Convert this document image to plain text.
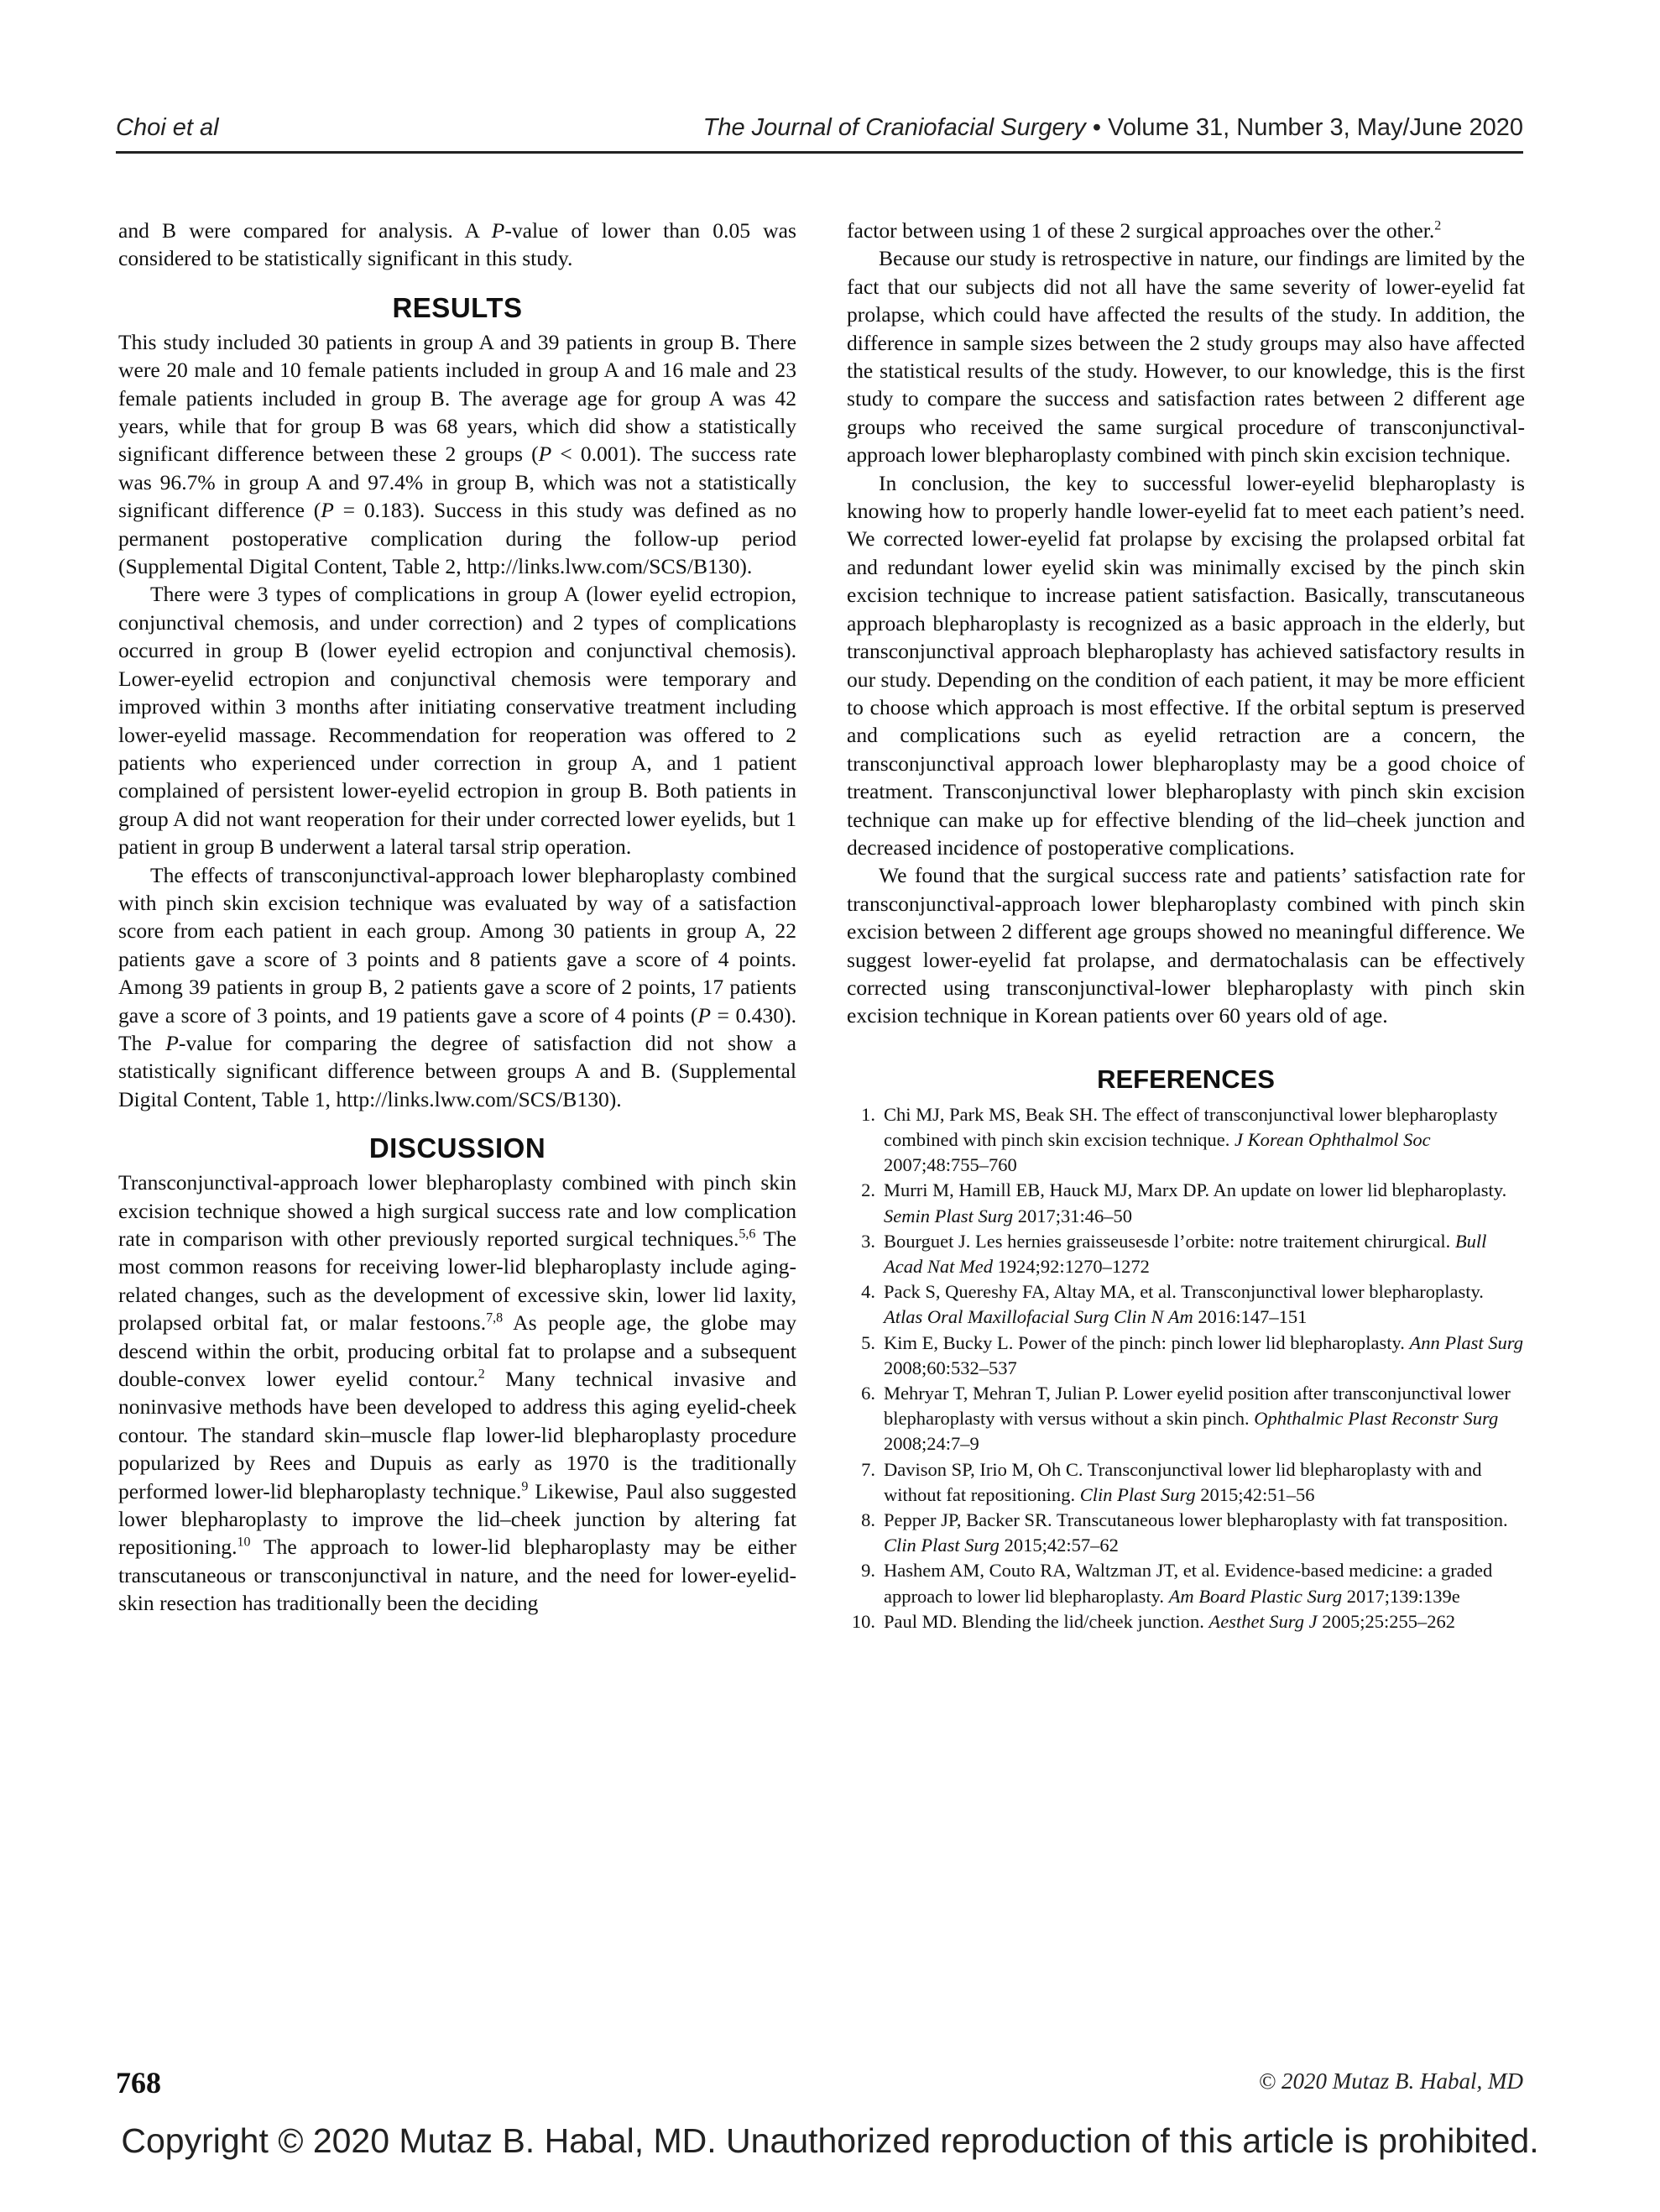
Choi et al	The Journal of Craniofacial Surgery • Volume 31, Number 3, May/June 2020

and B were compared for analysis. A P-value of lower than 0.05 was considered to be statistically significant in this study.

RESULTS

This study included 30 patients in group A and 39 patients in group B. There were 20 male and 10 female patients included in group A and 16 male and 23 female patients included in group B. The average age for group A was 42 years, while that for group B was 68 years, which did show a statistically significant difference between these 2 groups (P < 0.001). The success rate was 96.7% in group A and 97.4% in group B, which was not a statistically significant difference (P = 0.183). Success in this study was defined as no permanent postoperative complication during the follow-up period (Supplemental Digital Content, Table 2, http://links.lww.com/SCS/B130).

There were 3 types of complications in group A (lower eyelid ectropion, conjunctival chemosis, and under correction) and 2 types of complications occurred in group B (lower eyelid ectropion and conjunctival chemosis). Lower-eyelid ectropion and conjunctival chemosis were temporary and improved within 3 months after initiating conservative treatment including lower-eyelid massage. Recommendation for reoperation was offered to 2 patients who experienced under correction in group A, and 1 patient complained of persistent lower-eyelid ectropion in group B. Both patients in group A did not want reoperation for their under corrected lower eyelids, but 1 patient in group B underwent a lateral tarsal strip operation.

The effects of transconjunctival-approach lower blepharoplasty combined with pinch skin excision technique was evaluated by way of a satisfaction score from each patient in each group. Among 30 patients in group A, 22 patients gave a score of 3 points and 8 patients gave a score of 4 points. Among 39 patients in group B, 2 patients gave a score of 2 points, 17 patients gave a score of 3 points, and 19 patients gave a score of 4 points (P = 0.430). The P-value for comparing the degree of satisfaction did not show a statistically significant difference between groups A and B. (Supplemental Digital Content, Table 1, http://links.lww.com/SCS/B130).

DISCUSSION

Transconjunctival-approach lower blepharoplasty combined with pinch skin excision technique showed a high surgical success rate and low complication rate in comparison with other previously reported surgical techniques.$^{5,6}$ The most common reasons for receiving lower-lid blepharoplasty include aging-related changes, such as the development of excessive skin, lower lid laxity, prolapsed orbital fat, or malar festoons.$^{7,8}$ As people age, the globe may descend within the orbit, producing orbital fat to prolapse and a subsequent double-convex lower eyelid contour.$^2$ Many technical invasive and noninvasive methods have been developed to address this aging eyelid-cheek contour. The standard skin–muscle flap lower-lid blepharoplasty procedure popularized by Rees and Dupuis as early as 1970 is the traditionally performed lower-lid blepharoplasty technique.$^9$ Likewise, Paul also suggested lower blepharoplasty to improve the lid–cheek junction by altering fat repositioning.$^{10}$ The approach to lower-lid blepharoplasty may be either transcutaneous or transconjunctival in nature, and the need for lower-eyelid-skin resection has traditionally been the deciding

factor between using 1 of these 2 surgical approaches over the other.$^2$

Because our study is retrospective in nature, our findings are limited by the fact that our subjects did not all have the same severity of lower-eyelid fat prolapse, which could have affected the results of the study. In addition, the difference in sample sizes between the 2 study groups may also have affected the statistical results of the study. However, to our knowledge, this is the first study to compare the success and satisfaction rates between 2 different age groups who received the same surgical procedure of transconjunctival-approach lower blepharoplasty combined with pinch skin excision technique.

In conclusion, the key to successful lower-eyelid blepharoplasty is knowing how to properly handle lower-eyelid fat to meet each patient’s need. We corrected lower-eyelid fat prolapse by excising the prolapsed orbital fat and redundant lower eyelid skin was minimally excised by the pinch skin excision technique to increase patient satisfaction. Basically, transcutaneous approach blepharoplasty is recognized as a basic approach in the elderly, but transconjunctival approach blepharoplasty has achieved satisfactory results in our study. Depending on the condition of each patient, it may be more efficient to choose which approach is most effective. If the orbital septum is preserved and complications such as eyelid retraction are a concern, the transconjunctival approach lower blepharoplasty may be a good choice of treatment. Transconjunctival lower blepharoplasty with pinch skin excision technique can make up for effective blending of the lid–cheek junction and decreased incidence of postoperative complications.

We found that the surgical success rate and patients’ satisfaction rate for transconjunctival-approach lower blepharoplasty combined with pinch skin excision between 2 different age groups showed no meaningful difference. We suggest lower-eyelid fat prolapse, and dermatochalasis can be effectively corrected using transconjunctival-lower blepharoplasty with pinch skin excision technique in Korean patients over 60 years old of age.

REFERENCES
1. Chi MJ, Park MS, Beak SH. The effect of transconjunctival lower blepharoplasty combined with pinch skin excision technique. J Korean Ophthalmol Soc 2007;48:755–760
2. Murri M, Hamill EB, Hauck MJ, Marx DP. An update on lower lid blepharoplasty. Semin Plast Surg 2017;31:46–50
3. Bourguet J. Les hernies graisseusesde l’orbite: notre traitement chirurgical. Bull Acad Nat Med 1924;92:1270–1272
4. Pack S, Quereshy FA, Altay MA, et al. Transconjunctival lower blepharoplasty. Atlas Oral Maxillofacial Surg Clin N Am 2016:147–151
5. Kim E, Bucky L. Power of the pinch: pinch lower lid blepharoplasty. Ann Plast Surg 2008;60:532–537
6. Mehryar T, Mehran T, Julian P. Lower eyelid position after transconjunctival lower blepharoplasty with versus without a skin pinch. Ophthalmic Plast Reconstr Surg 2008;24:7–9
7. Davison SP, Irio M, Oh C. Transconjunctival lower lid blepharoplasty with and without fat repositioning. Clin Plast Surg 2015;42:51–56
8. Pepper JP, Backer SR. Transcutaneous lower blepharoplasty with fat transposition. Clin Plast Surg 2015;42:57–62
9. Hashem AM, Couto RA, Waltzman JT, et al. Evidence-based medicine: a graded approach to lower lid blepharoplasty. Am Board Plastic Surg 2017;139:139e
10. Paul MD. Blending the lid/cheek junction. Aesthet Surg J 2005;25:255–262
768	© 2020 Mutaz B. Habal, MD
Copyright © 2020 Mutaz B. Habal, MD. Unauthorized reproduction of this article is prohibited.
